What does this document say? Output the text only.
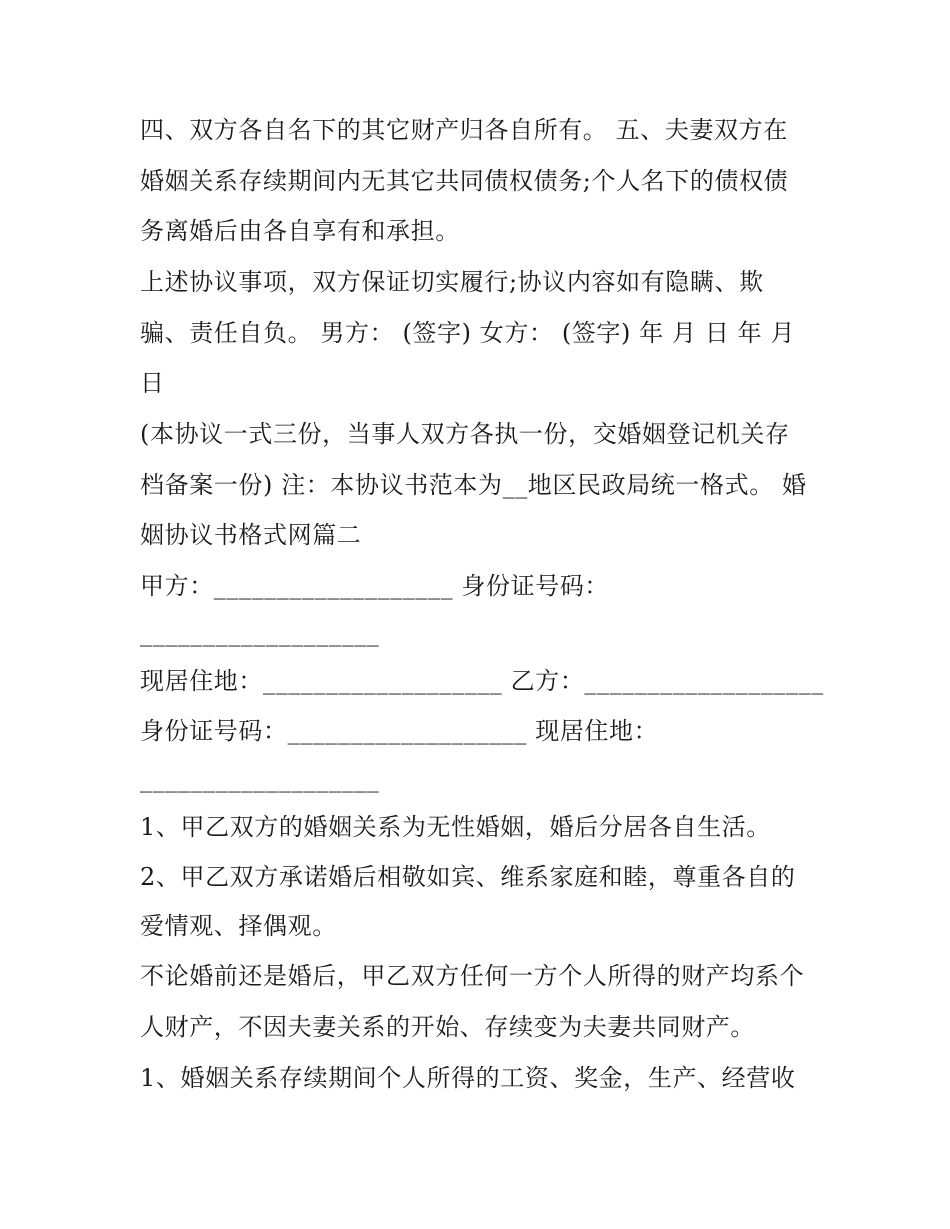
四、双方各自名下的其它财产归各自所有。 五、夫妻双方在
婚姻关系存续期间内无其它共同债权债务;个人名下的债权债
务离婚后由各自享有和承担。
上述协议事项，双方保证切实履行;协议内容如有隐瞒、欺
骗、责任自负。 男方： (签字) 女方： (签字) 年 月 日 年 月
日
(本协议一式三份，当事人双方各执一份，交婚姻登记机关存
档备案一份) 注：本协议书范本为__地区民政局统一格式。 婚
姻协议书格式网篇二
甲方：___________________ 身份证号码：
___________________
现居住地：___________________ 乙方：___________________
身份证号码：___________________ 现居住地：
___________________
1、甲乙双方的婚姻关系为无性婚姻，婚后分居各自生活。
2、甲乙双方承诺婚后相敬如宾、维系家庭和睦，尊重各自的
爱情观、择偶观。
不论婚前还是婚后，甲乙双方任何一方个人所得的财产均系个
人财产，不因夫妻关系的开始、存续变为夫妻共同财产。
1、婚姻关系存续期间个人所得的工资、奖金，生产、经营收
